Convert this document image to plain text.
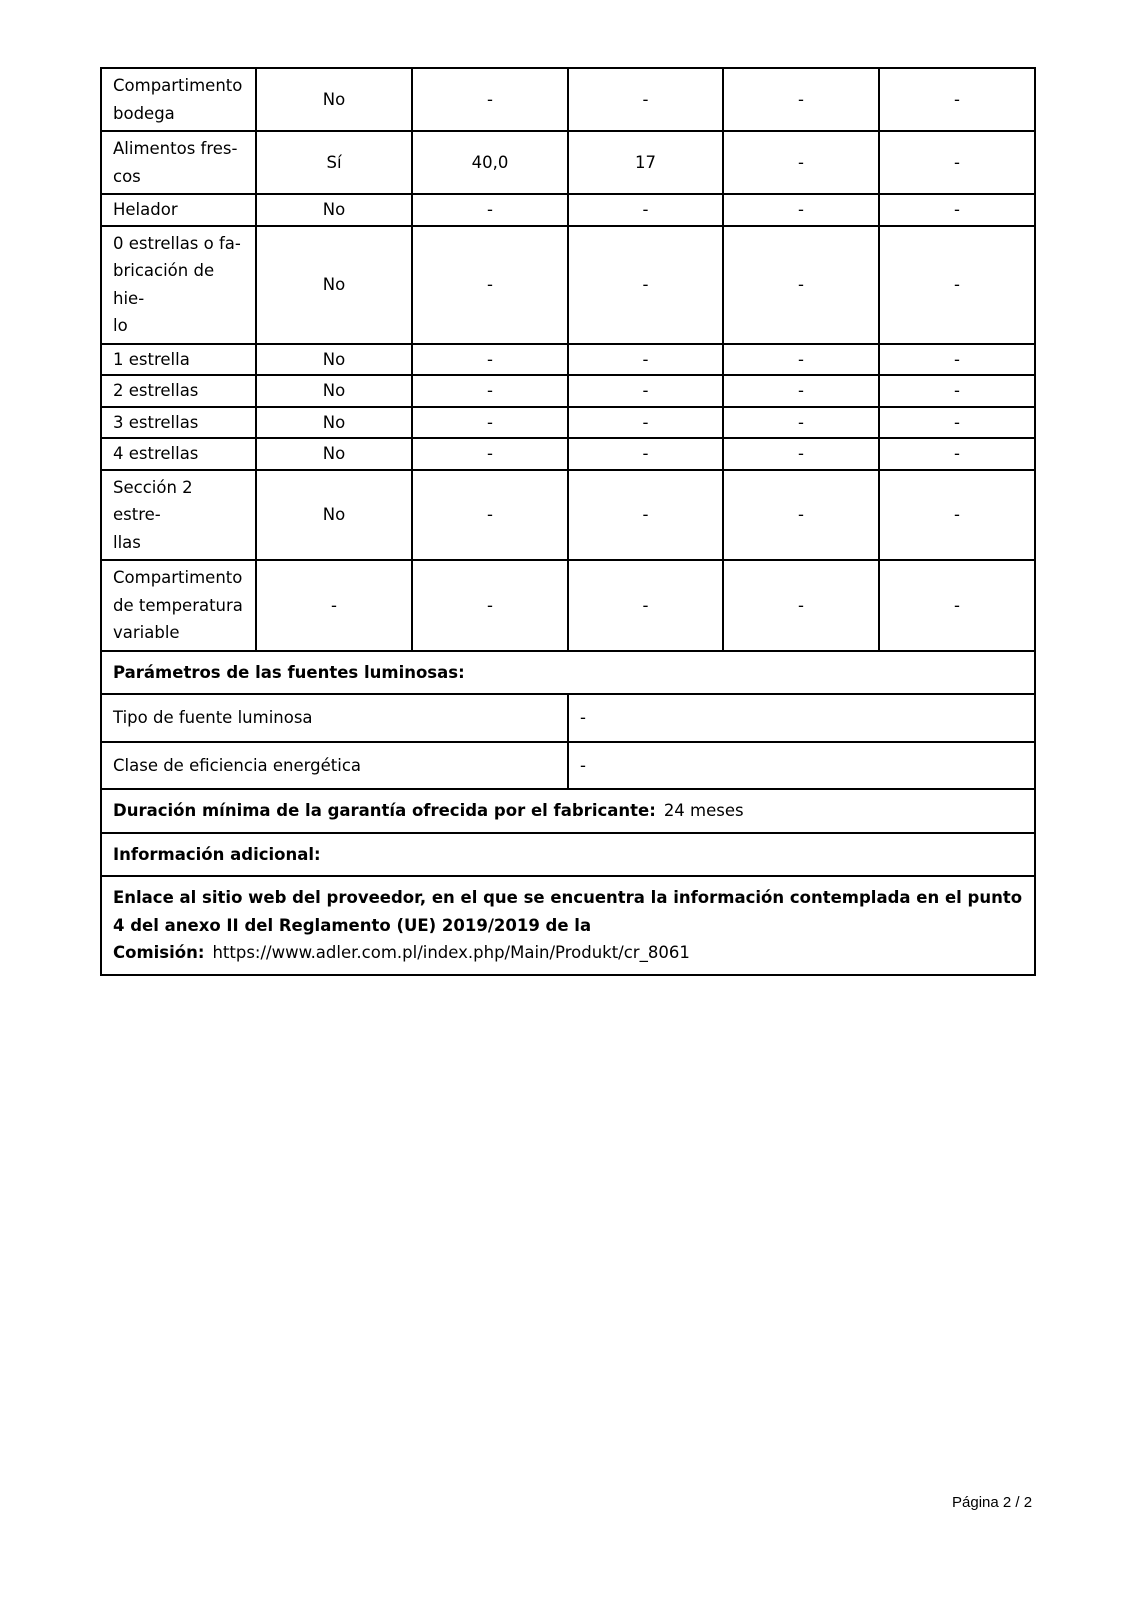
Compartimento
bodega	No	-	-	-	-
Alimentos fres-
cos	Sí	40,0	17	-	-
Helador	No	-	-	-	-
0 estrellas o fa-
bricación de hie-
lo	No	-	-	-	-
1 estrella	No	-	-	-	-
2 estrellas	No	-	-	-	-
3 estrellas	No	-	-	-	-
4 estrellas	No	-	-	-	-
Sección 2 estre-
llas	No	-	-	-	-
Compartimento
de temperatura
variable	-	-	-	-	-
Parámetros de las fuentes luminosas:	
Tipo de fuente luminosa	-
Clase de eficiencia energética	-
Duración mínima de la garantía ofrecida por el fabricante: 24 meses	
Información adicional:	
Enlace al sitio web del proveedor, en el que se encuentra la información contemplada en el punto 4 del anexo II del Reglamento (UE) 2019/2019 de la Comisión: https://www.adler.com.pl/index.php/Main/Produkt/cr_8061	
Página 2 / 2
